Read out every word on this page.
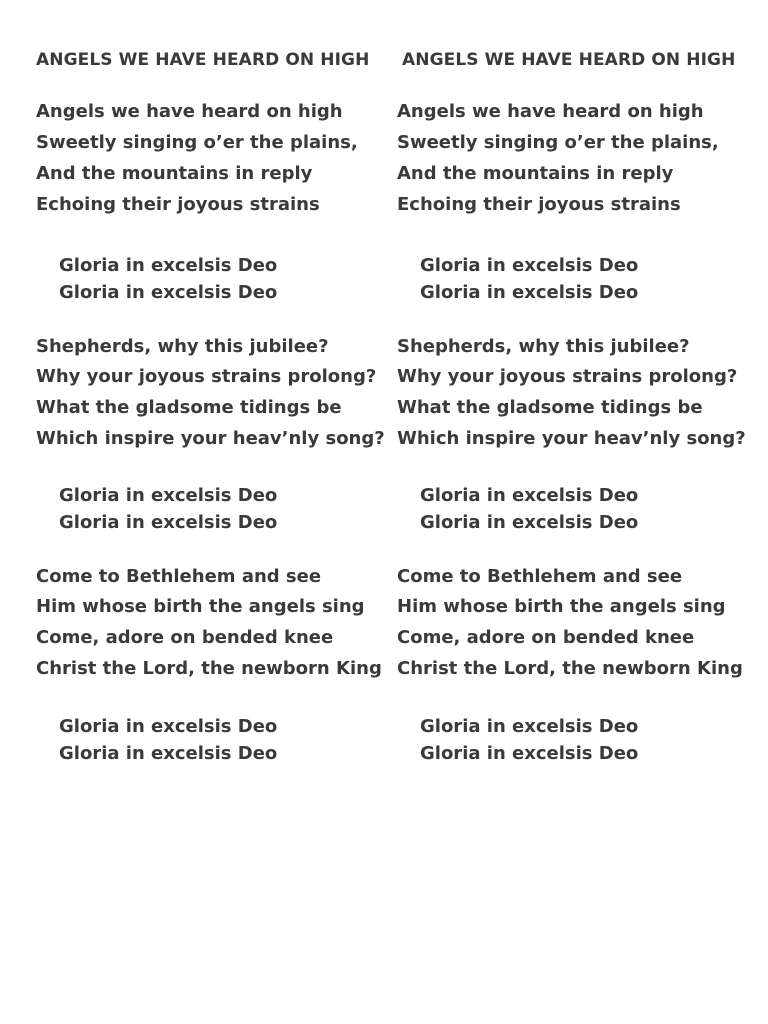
ANGELS WE HAVE HEARD ON HIGH
Angels we have heard on high
Sweetly singing o’er the plains,
And the mountains in reply
Echoing their joyous strains
Gloria in excelsis Deo
Gloria in excelsis Deo
Shepherds, why this jubilee?
Why your joyous strains prolong?
What the gladsome tidings be
Which inspire your heav’nly song?
Gloria in excelsis Deo
Gloria in excelsis Deo
Come to Bethlehem and see
Him whose birth the angels sing
Come, adore on bended knee
Christ the Lord, the newborn King
Gloria in excelsis Deo
Gloria in excelsis Deo
ANGELS WE HAVE HEARD ON HIGH
Angels we have heard on high
Sweetly singing o’er the plains,
And the mountains in reply
Echoing their joyous strains
Gloria in excelsis Deo
Gloria in excelsis Deo
Shepherds, why this jubilee?
Why your joyous strains prolong?
What the gladsome tidings be
Which inspire your heav’nly song?
Gloria in excelsis Deo
Gloria in excelsis Deo
Come to Bethlehem and see
Him whose birth the angels sing
Come, adore on bended knee
Christ the Lord, the newborn King
Gloria in excelsis Deo
Gloria in excelsis Deo
